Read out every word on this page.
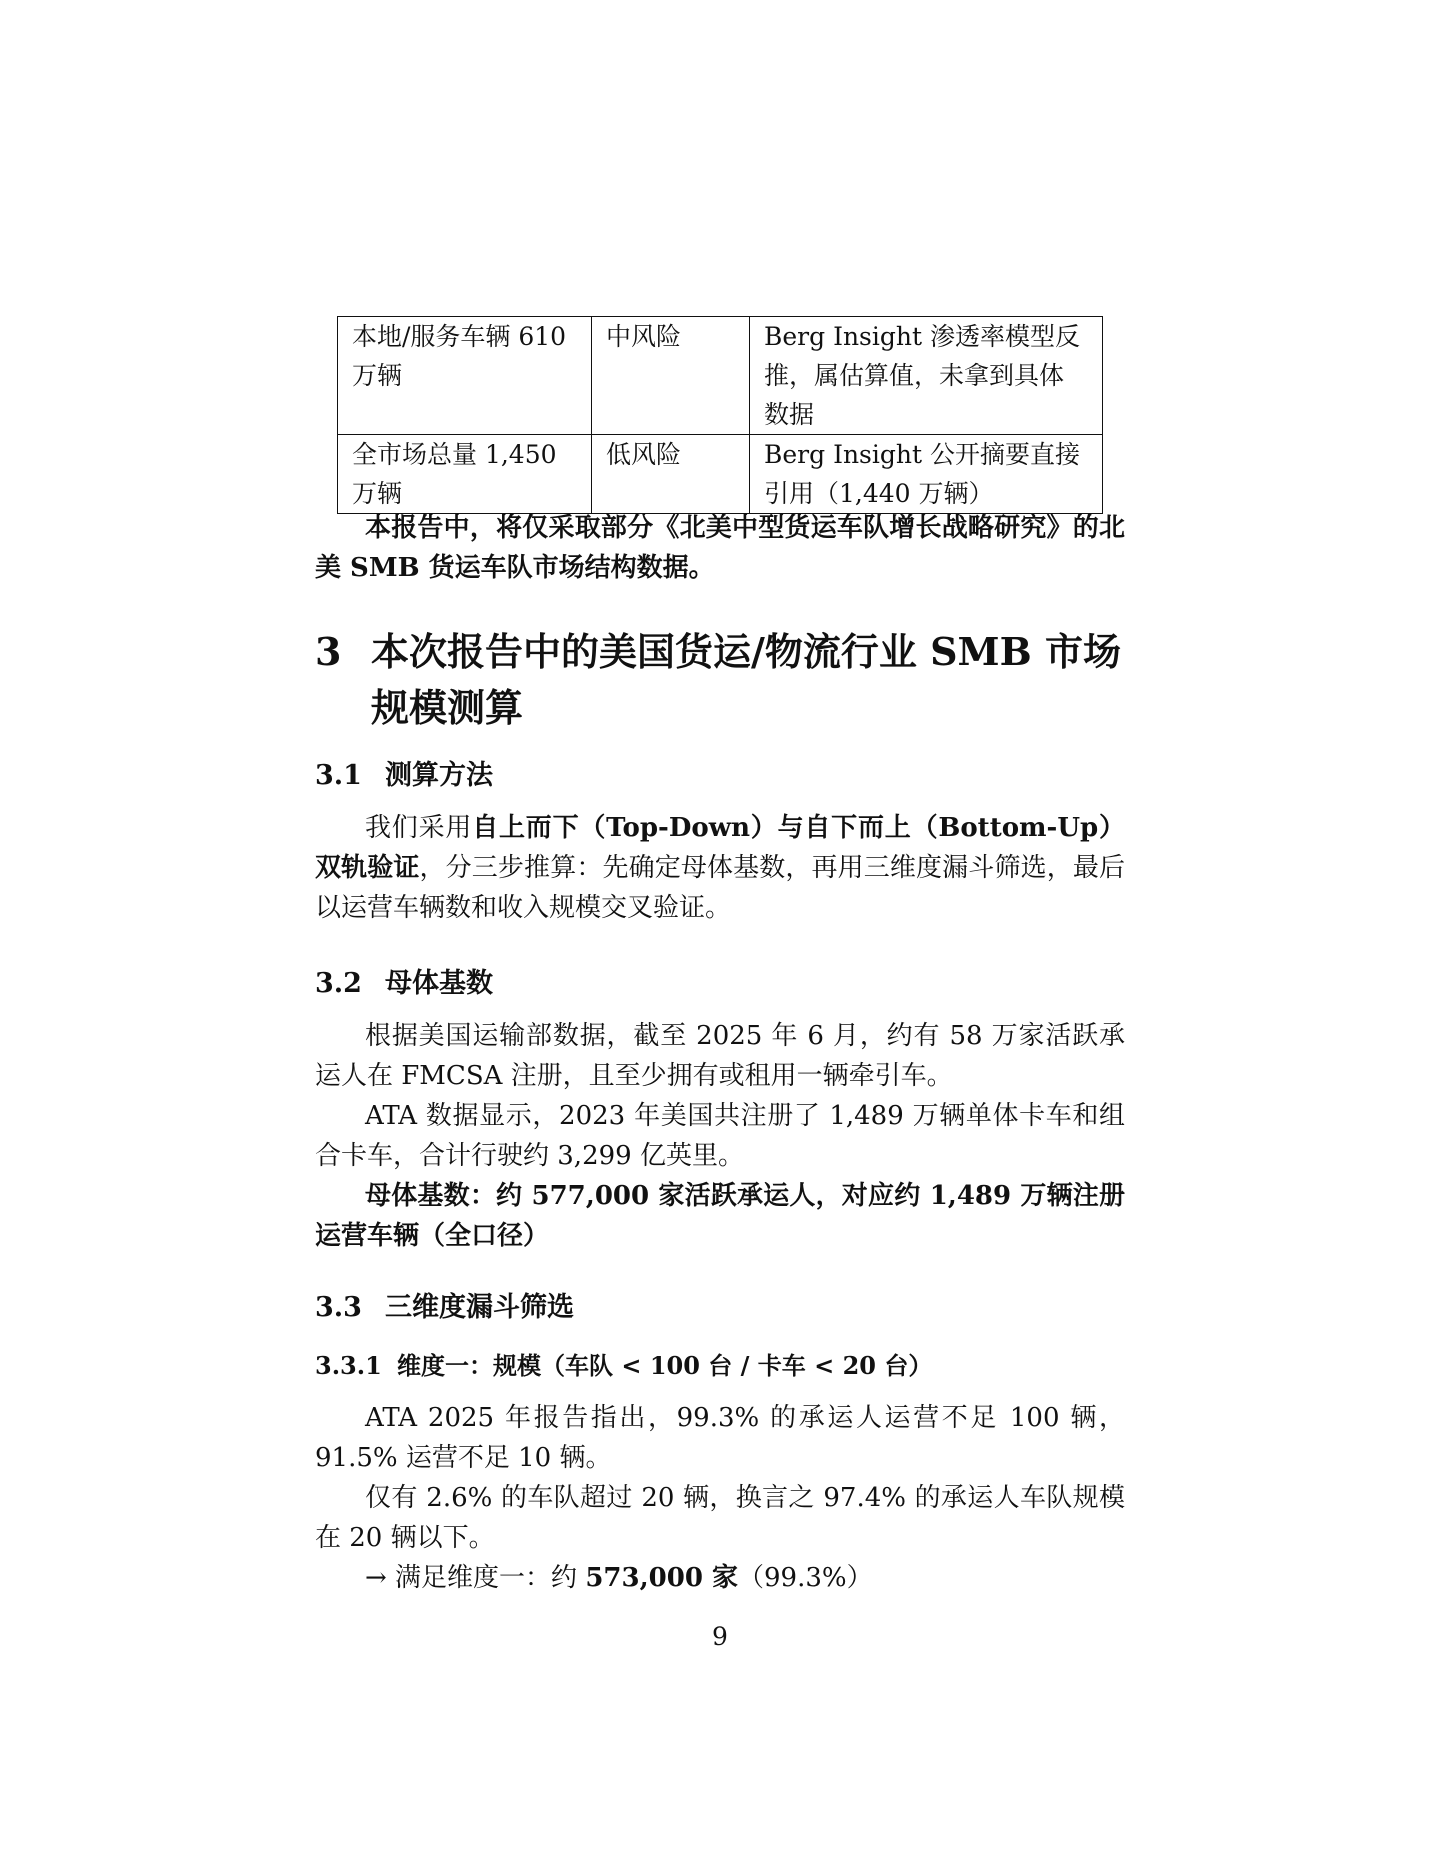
本地/服务车辆 610 万辆	中风险	Berg Insight 渗透率模型反推，属估算值，未拿到具体数据
全市场总量 1,450 万辆	低风险	Berg Insight 公开摘要直接引用（1,440 万辆）

本报告中，将仅采取部分《北美中型货运车队增长战略研究》的北美 SMB 货运车队市场结构数据。

3 本次报告中的美国货运/物流行业 SMB 市场规模测算
3.1 测算方法

我们采用自上而下（Top-Down）与自下而上（Bottom-Up）双轨验证，分三步推算：先确定母体基数，再用三维度漏斗筛选，最后以运营车辆数和收入规模交叉验证。

3.2 母体基数

根据美国运输部数据，截至 2025 年 6 月，约有 58 万家活跃承运人在 FMCSA 注册，且至少拥有或租用一辆牵引车。

ATA 数据显示，2023 年美国共注册了 1,489 万辆单体卡车和组合卡车，合计行驶约 3,299 亿英里。

母体基数：约 577,000 家活跃承运人，对应约 1,489 万辆注册运营车辆（全口径）

3.3 三维度漏斗筛选
3.3.1 维度一：规模（车队 < 100 台 / 卡车 < 20 台）

ATA 2025 年报告指出，99.3% 的承运人运营不足 100 辆，91.5% 运营不足 10 辆。

仅有 2.6% 的车队超过 20 辆，换言之 97.4% 的承运人车队规模在 20 辆以下。

→ 满足维度一：约 573,000 家（99.3%）

9
